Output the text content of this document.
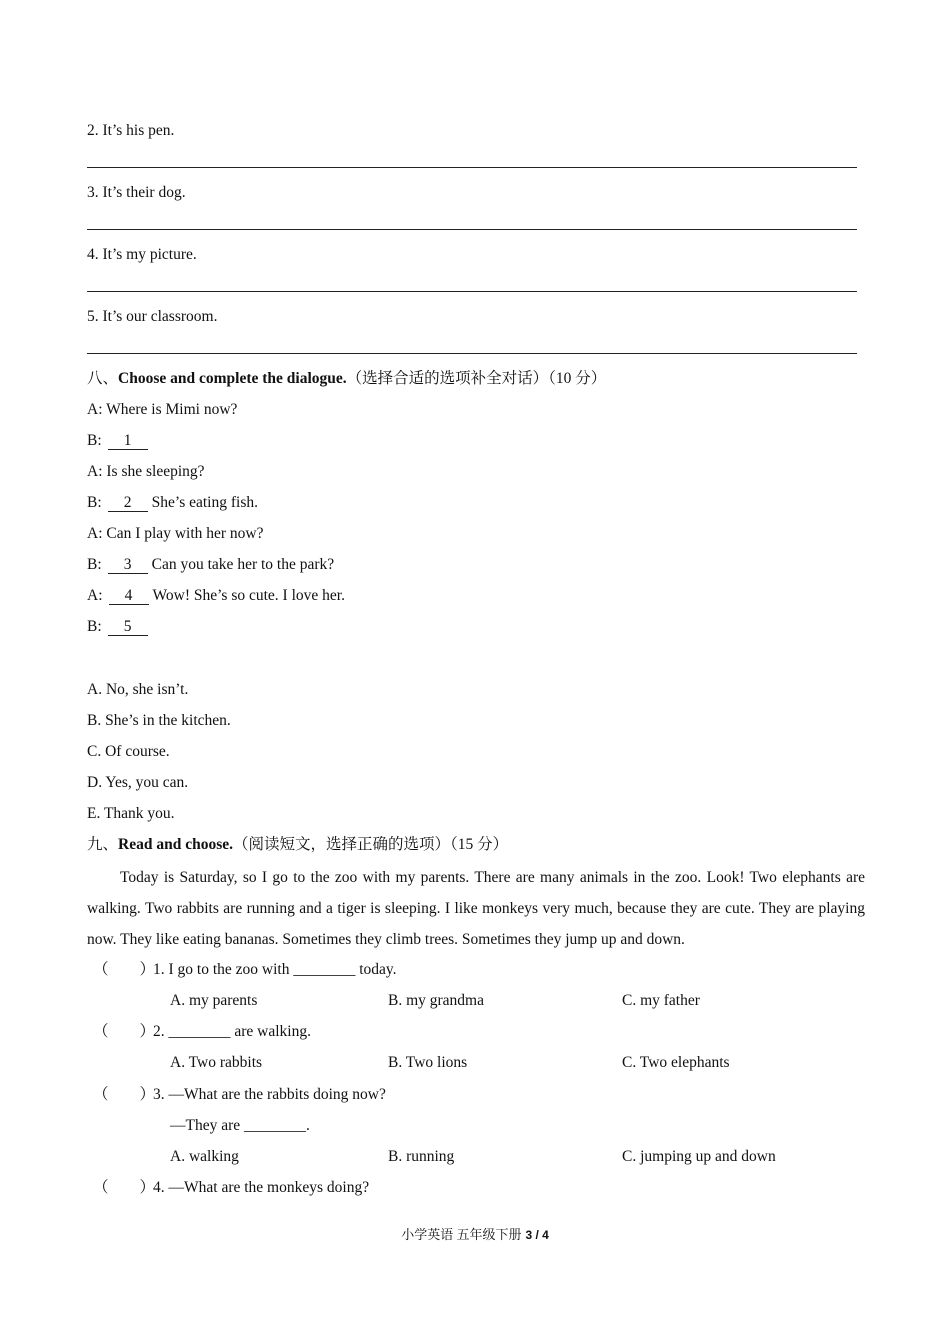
2. It’s his pen.
3. It’s their dog.
4. It’s my picture.
5. It’s our classroom.
八、Choose and complete the dialogue.（选择合适的选项补全对话）（10 分）
A: Where is Mimi now?
B: 1
A: Is she sleeping?
B: 2 She’s eating fish.
A: Can I play with her now?
B: 3 Can you take her to the park?
A: 4 Wow! She’s so cute. I love her.
B: 5
A. No, she isn’t.
B. She’s in the kitchen.
C. Of course.
D. Yes, you can.
E. Thank you.
九、Read and choose.（阅读短文，选择正确的选项）（15 分）
Today is Saturday, so I go to the zoo with my parents. There are many animals in the zoo. Look! Two elephants are walking. Two rabbits are running and a tiger is sleeping. I like monkeys very much, because they are cute. They are playing now. They like eating bananas. Sometimes they climb trees. Sometimes they jump up and down.
（　　）
1. I go to the zoo with ________ today.
A. my parents	B. my grandma	C. my father
（　　）
2. ________ are walking.
A. Two rabbits	B. Two lions	C. Two elephants
（　　）
3. —What are the rabbits doing now?
—They are ________.
A. walking	B. running	C. jumping up and down
（　　）
4. —What are the monkeys doing?
小学英语 五年级下册 3 / 4
